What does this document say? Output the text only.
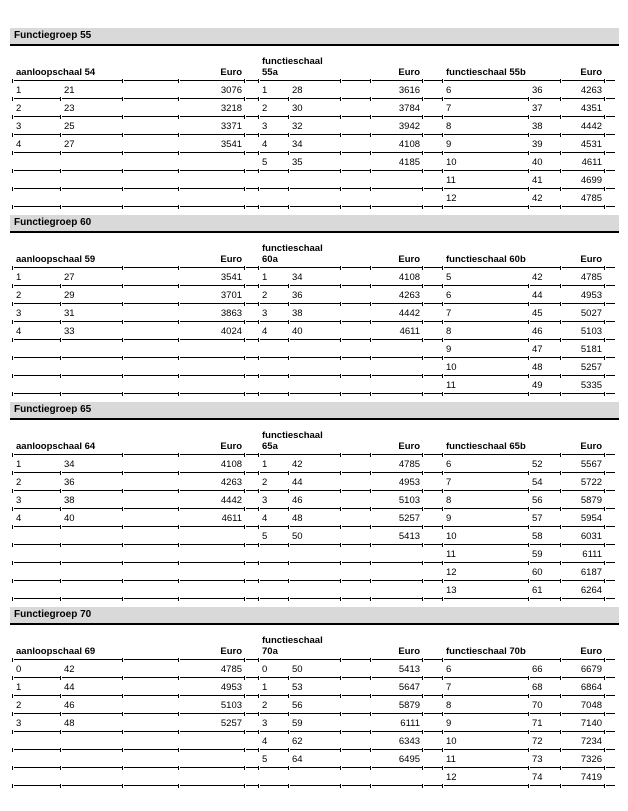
Functiegroep 55
aanloopschaal 54			Euro		functieschaal 55a			Euro		functieschaal 55b		Euro	
1	21		3076		1	28		3616		6	36	4263	
2	23		3218		2	30		3784		7	37	4351	
3	25		3371		3	32		3942		8	38	4442	
4	27		3541		4	34		4108		9	39	4531	
					5	35		4185		10	40	4611	
										11	41	4699	
										12	42	4785	
Functiegroep 60
aanloopschaal 59			Euro		functieschaal 60a			Euro		functieschaal 60b		Euro	
1	27		3541		1	34		4108		5	42	4785	
2	29		3701		2	36		4263		6	44	4953	
3	31		3863		3	38		4442		7	45	5027	
4	33		4024		4	40		4611		8	46	5103	
										9	47	5181	
										10	48	5257	
										11	49	5335	
Functiegroep 65
aanloopschaal 64			Euro		functieschaal 65a			Euro		functieschaal 65b		Euro	
1	34		4108		1	42		4785		6	52	5567	
2	36		4263		2	44		4953		7	54	5722	
3	38		4442		3	46		5103		8	56	5879	
4	40		4611		4	48		5257		9	57	5954	
					5	50		5413		10	58	6031	
										11	59	6111	
										12	60	6187	
										13	61	6264	
Functiegroep 70
aanloopschaal 69			Euro		functieschaal 70a			Euro		functieschaal 70b		Euro	
0	42		4785		0	50		5413		6	66	6679	
1	44		4953		1	53		5647		7	68	6864	
2	46		5103		2	56		5879		8	70	7048	
3	48		5257		3	59		6111		9	71	7140	
					4	62		6343		10	72	7234	
					5	64		6495		11	73	7326	
										12	74	7419	
